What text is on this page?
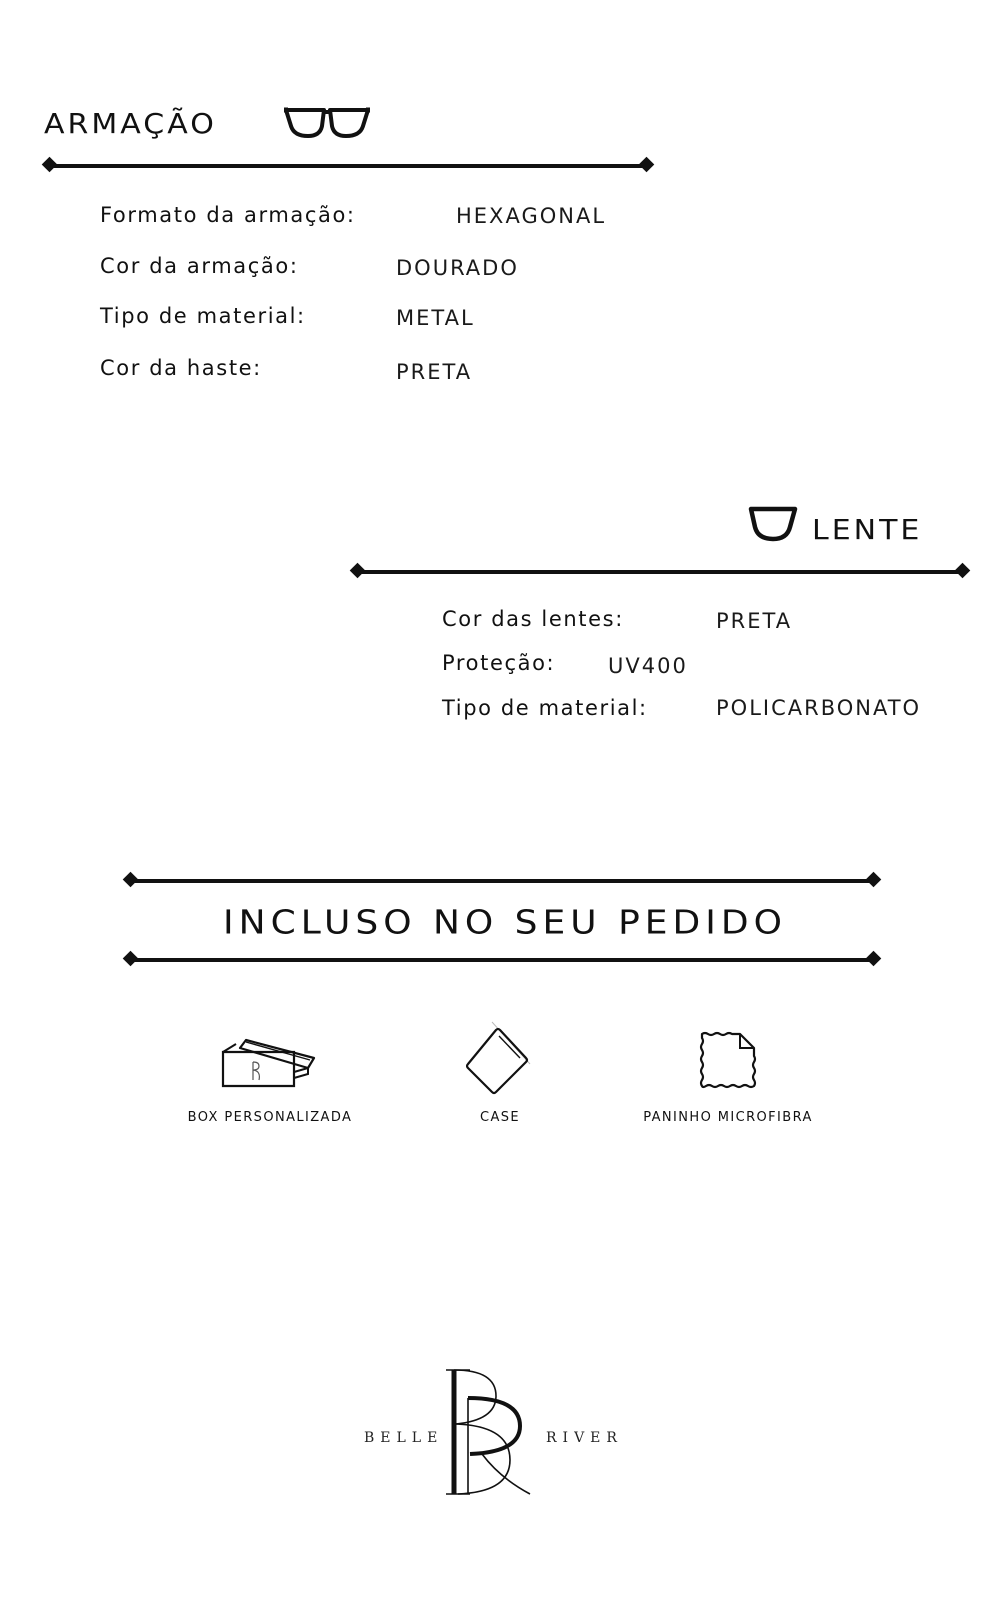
ARMAÇÃO
Formato da armação:	HEXAGONAL
Cor da armação:	DOURADO
Tipo de material:	METAL
Cor da haste:	PRETA
LENTE
Cor das lentes:	PRETA
Proteção:	UV400
Tipo de material:	POLICARBONATO
INCLUSO NO SEU PEDIDO
BOX PERSONALIZADA	CASE	PANINHO MICROFIBRA
BELLE	RIVER
